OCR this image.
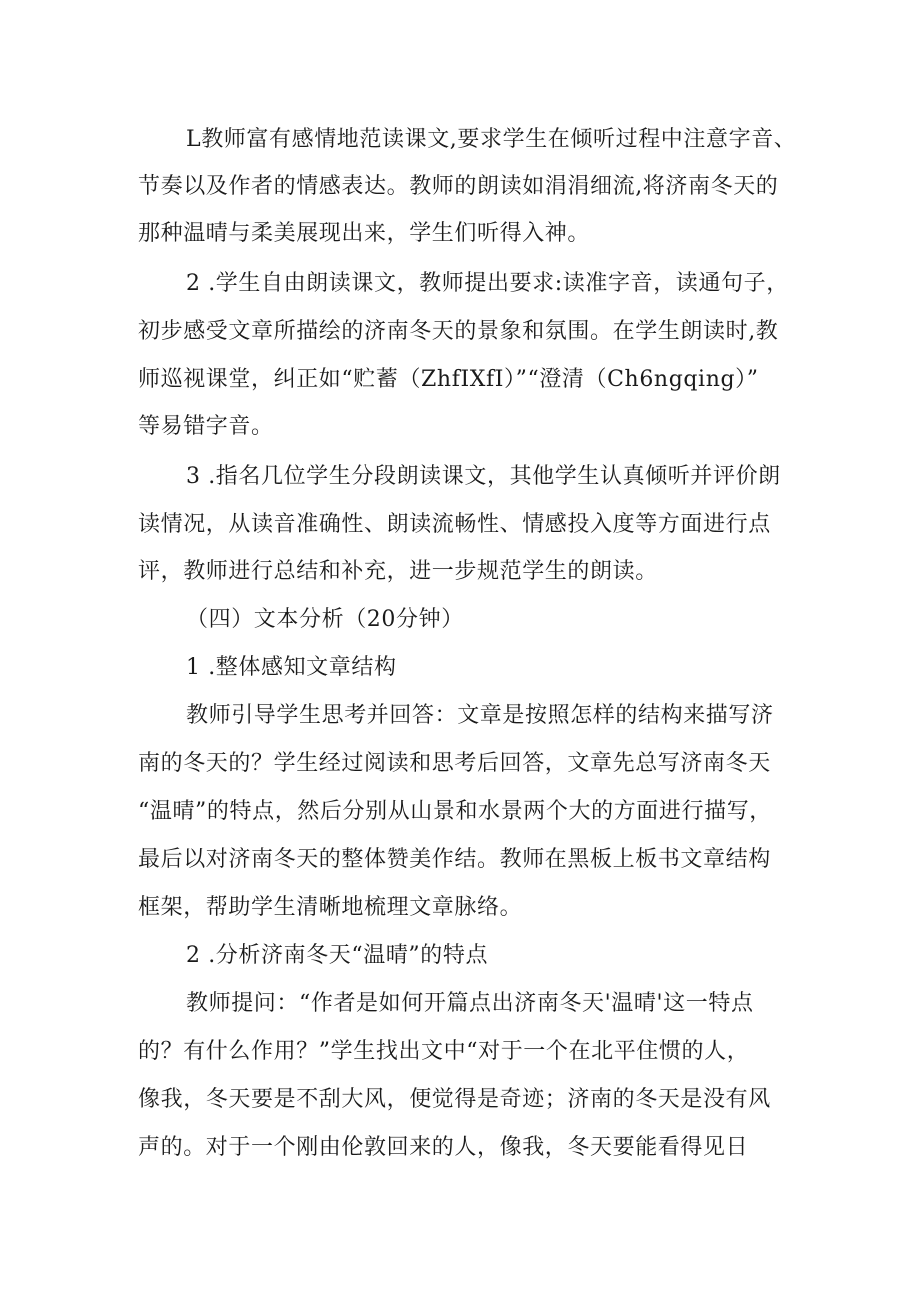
L教师富有感情地范读课文,要求学生在倾听过程中注意字音、
节奏以及作者的情感表达。教师的朗读如涓涓细流,将济南冬天的
那种温晴与柔美展现出来，学生们听得入神。
2 .学生自由朗读课文，教师提出要求:读准字音，读通句子，
初步感受文章所描绘的济南冬天的景象和氛围。在学生朗读时,教
师巡视课堂，纠正如“贮蓄（ZhfIXfI）”“澄清（Ch6ngqing）”
等易错字音。
3 .指名几位学生分段朗读课文，其他学生认真倾听并评价朗
读情况，从读音准确性、朗读流畅性、情感投入度等方面进行点
评，教师进行总结和补充，进一步规范学生的朗读。
（四）文本分析（20分钟）
1 .整体感知文章结构
教师引导学生思考并回答：文章是按照怎样的结构来描写济
南的冬天的？学生经过阅读和思考后回答，文章先总写济南冬天
“温晴”的特点，然后分别从山景和水景两个大的方面进行描写，
最后以对济南冬天的整体赞美作结。教师在黑板上板书文章结构
框架，帮助学生清晰地梳理文章脉络。
2 .分析济南冬天“温晴”的特点
教师提问：“作者是如何开篇点出济南冬天'温晴'这一特点
的？有什么作用？”学生找出文中“对于一个在北平住惯的人，
像我，冬天要是不刮大风，便觉得是奇迹；济南的冬天是没有风
声的。对于一个刚由伦敦回来的人，像我，冬天要能看得见日
